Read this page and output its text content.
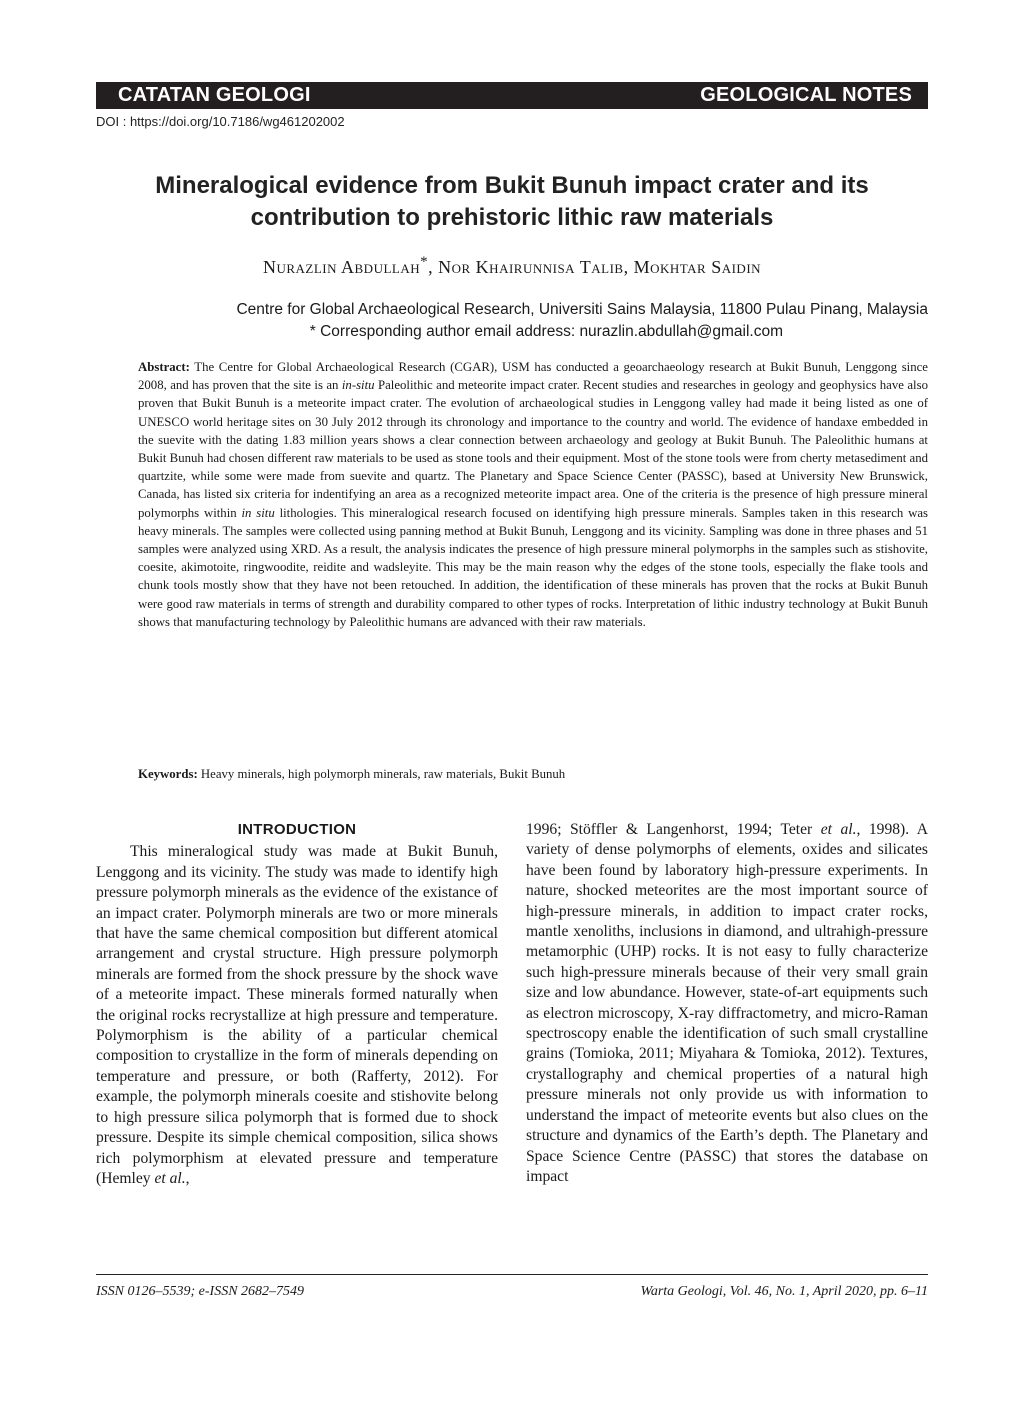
CATATAN GEOLOGI	GEOLOGICAL NOTES
DOI : https://doi.org/10.7186/wg461202002
Mineralogical evidence from Bukit Bunuh impact crater and its
contribution to prehistoric lithic raw materials
Nurazlin Abdullah*, Nor Khairunnisa Talib, Mokhtar Saidin
Centre for Global Archaeological Research, Universiti Sains Malaysia, 11800 Pulau Pinang, Malaysia
* Corresponding author email address: nurazlin.abdullah@gmail.com
Abstract: The Centre for Global Archaeological Research (CGAR), USM has conducted a geoarchaeology research at Bukit Bunuh, Lenggong since 2008, and has proven that the site is an in-situ Paleolithic and meteorite impact crater. Recent studies and researches in geology and geophysics have also proven that Bukit Bunuh is a meteorite impact crater. The evolution of archaeological studies in Lenggong valley had made it being listed as one of UNESCO world heritage sites on 30 July 2012 through its chronology and importance to the country and world. The evidence of handaxe embedded in the suevite with the dating 1.83 million years shows a clear connection between archaeology and geology at Bukit Bunuh. The Paleolithic humans at Bukit Bunuh had chosen different raw materials to be used as stone tools and their equipment. Most of the stone tools were from cherty metasediment and quartzite, while some were made from suevite and quartz. The Planetary and Space Science Center (PASSC), based at University New Brunswick, Canada, has listed six criteria for indentifying an area as a recognized meteorite impact area. One of the criteria is the presence of high pressure mineral polymorphs within in situ lithologies. This mineralogical research focused on identifying high pressure minerals. Samples taken in this research was heavy minerals. The samples were collected using panning method at Bukit Bunuh, Lenggong and its vicinity. Sampling was done in three phases and 51 samples were analyzed using XRD. As a result, the analysis indicates the presence of high pressure mineral polymorphs in the samples such as stishovite, coesite, akimotoite, ringwoodite, reidite and wadsleyite. This may be the main reason why the edges of the stone tools, especially the flake tools and chunk tools mostly show that they have not been retouched. In addition, the identification of these minerals has proven that the rocks at Bukit Bunuh were good raw materials in terms of strength and durability compared to other types of rocks. Interpretation of lithic industry technology at Bukit Bunuh shows that manufacturing technology by Paleolithic humans are advanced with their raw materials.
Keywords: Heavy minerals, high polymorph minerals, raw materials, Bukit Bunuh
INTRODUCTION

This mineralogical study was made at Bukit Bunuh, Lenggong and its vicinity. The study was made to identify high pressure polymorph minerals as the evidence of the existance of an impact crater. Polymorph minerals are two or more minerals that have the same chemical composition but different atomical arrangement and crystal structure. High pressure polymorph minerals are formed from the shock pressure by the shock wave of a meteorite impact. These minerals formed naturally when the original rocks recrystallize at high pressure and temperature. Polymorphism is the ability of a particular chemical composition to crystallize in the form of minerals depending on temperature and pressure, or both (Rafferty, 2012). For example, the polymorph minerals coesite and stishovite belong to high pressure silica polymorph that is formed due to shock pressure. Despite its simple chemical composition, silica shows rich polymorphism at elevated pressure and temperature (Hemley et al.,

1996; Stöffler & Langenhorst, 1994; Teter et al., 1998). A variety of dense polymorphs of elements, oxides and silicates have been found by laboratory high-pressure experiments. In nature, shocked meteorites are the most important source of high-pressure minerals, in addition to impact crater rocks, mantle xenoliths, inclusions in diamond, and ultrahigh-pressure metamorphic (UHP) rocks. It is not easy to fully characterize such high-pressure minerals because of their very small grain size and low abundance. However, state-of-art equipments such as electron microscopy, X-ray diffractometry, and micro-Raman spectroscopy enable the identification of such small crystalline grains (Tomioka, 2011; Miyahara & Tomioka, 2012). Textures, crystallography and chemical properties of a natural high pressure minerals not only provide us with information to understand the impact of meteorite events but also clues on the structure and dynamics of the Earth’s depth. The Planetary and Space Science Centre (PASSC) that stores the database on impact

ISSN 0126–5539; e-ISSN 2682–7549	Warta Geologi, Vol. 46, No. 1, April 2020, pp. 6–11
